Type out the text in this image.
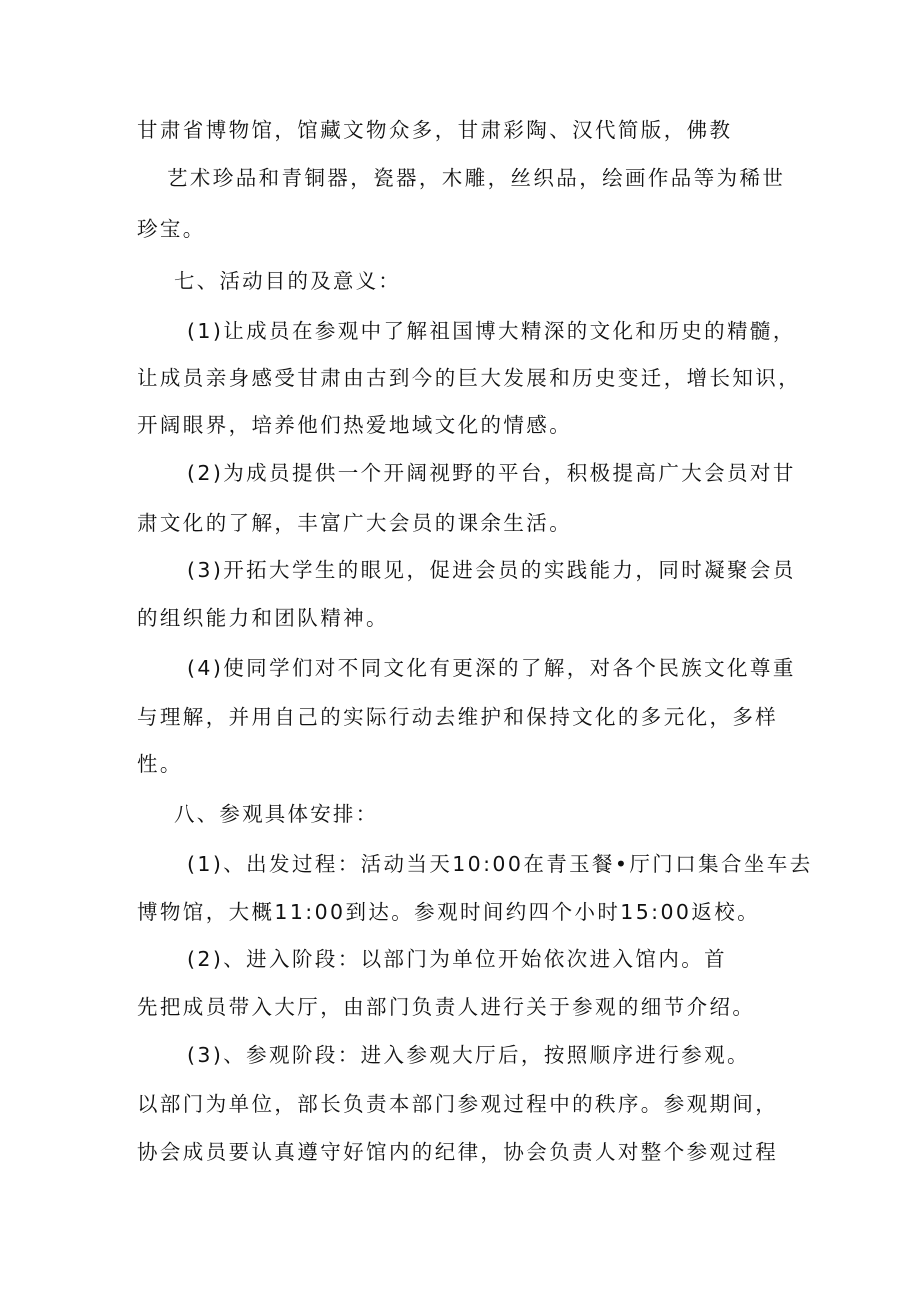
甘肃省博物馆，馆藏文物众多，甘肃彩陶、汉代简版，佛教

艺术珍品和青铜器，瓷器，木雕，丝织品，绘画作品等为稀世

珍宝。

七、活动目的及意义：

(1)让成员在参观中了解祖国博大精深的文化和历史的精髓，

让成员亲身感受甘肃由古到今的巨大发展和历史变迁，增长知识，

开阔眼界，培养他们热爱地域文化的情感。

(2)为成员提供一个开阔视野的平台，积极提高广大会员对甘

肃文化的了解，丰富广大会员的课余生活。

(3)开拓大学生的眼见，促进会员的实践能力，同时凝聚会员

的组织能力和团队精神。

(4)使同学们对不同文化有更深的了解，对各个民族文化尊重

与理解，并用自己的实际行动去维护和保持文化的多元化，多样

性。

八、参观具体安排：

(1)、出发过程：活动当天10:00在青玉餐•厅门口集合坐车去

博物馆，大概11:00到达。参观时间约四个小时15:00返校。

(2)、进入阶段：以部门为单位开始依次进入馆内。首

先把成员带入大厅，由部门负责人进行关于参观的细节介绍。

(3)、参观阶段：进入参观大厅后，按照顺序进行参观。

以部门为单位，部长负责本部门参观过程中的秩序。参观期间，

协会成员要认真遵守好馆内的纪律，协会负责人对整个参观过程
